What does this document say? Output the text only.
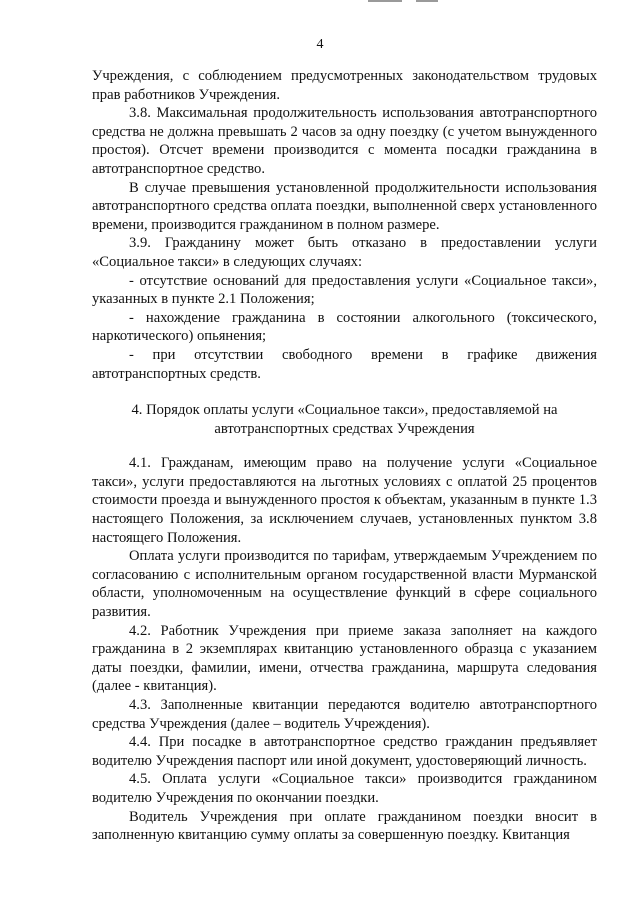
4

Учреждения, с соблюдением предусмотренных законодательством трудовых прав работников Учреждения.

3.8. Максимальная продолжительность использования автотранспортного средства не должна превышать 2 часов за одну поездку (с учетом вынужденного простоя). Отсчет времени производится с момента посадки гражданина в автотранспортное средство.

В случае превышения установленной продолжительности использования автотранспортного средства оплата поездки, выполненной сверх установленного времени, производится гражданином в полном размере.

3.9. Гражданину может быть отказано в предоставлении услуги «Социальное такси» в следующих случаях:

- отсутствие оснований для предоставления услуги «Социальное такси», указанных в пункте 2.1 Положения;

- нахождение гражданина в состоянии алкогольного (токсического, наркотического) опьянения;

- при отсутствии свободного времени в графике движения автотранспортных средств.

4. Порядок оплаты услуги «Социальное такси», предоставляемой на автотранспортных средствах Учреждения

4.1. Гражданам, имеющим право на получение услуги «Социальное такси», услуги предоставляются на льготных условиях с оплатой 25 процентов стоимости проезда и вынужденного простоя к объектам, указанным в пункте 1.3 настоящего Положения, за исключением случаев, установленных пунктом 3.8 настоящего Положения.

Оплата услуги производится по тарифам, утверждаемым Учреждением по согласованию с исполнительным органом государственной власти Мурманской области, уполномоченным на осуществление функций в сфере социального развития.

4.2. Работник Учреждения при приеме заказа заполняет на каждого гражданина в 2 экземплярах квитанцию установленного образца с указанием даты поездки, фамилии, имени, отчества гражданина, маршрута следования (далее - квитанция).

4.3. Заполненные квитанции передаются водителю автотранспортного средства Учреждения (далее – водитель Учреждения).

4.4. При посадке в автотранспортное средство гражданин предъявляет водителю Учреждения паспорт или иной документ, удостоверяющий личность.

4.5. Оплата услуги «Социальное такси» производится гражданином водителю Учреждения по окончании поездки.

Водитель Учреждения при оплате гражданином поездки вносит в заполненную квитанцию сумму оплаты за совершенную поездку. Квитанция
